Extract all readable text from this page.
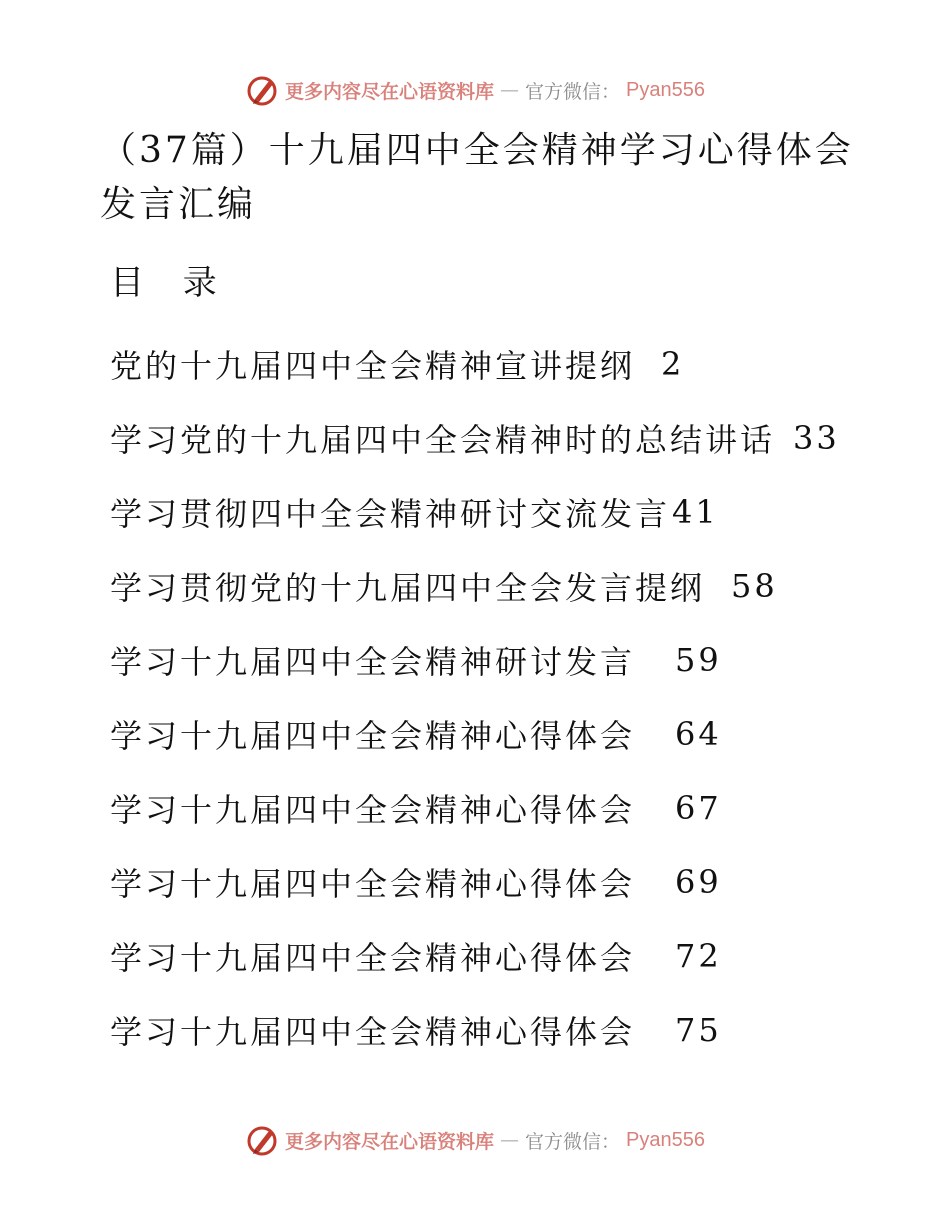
更多内容尽在心语资料库 — 官方微信： Pyan556
（37篇）十九届四中全会精神学习心得体会发言汇编
目 录
党的十九届四中全会精神宣讲提纲 2
学习党的十九届四中全会精神时的总结讲话 33
学习贯彻四中全会精神研讨交流发言 41
学习贯彻党的十九届四中全会发言提纲 58
学习十九届四中全会精神研讨发言 59
学习十九届四中全会精神心得体会 64
学习十九届四中全会精神心得体会 67
学习十九届四中全会精神心得体会 69
学习十九届四中全会精神心得体会 72
学习十九届四中全会精神心得体会 75
更多内容尽在心语资料库 — 官方微信： Pyan556
